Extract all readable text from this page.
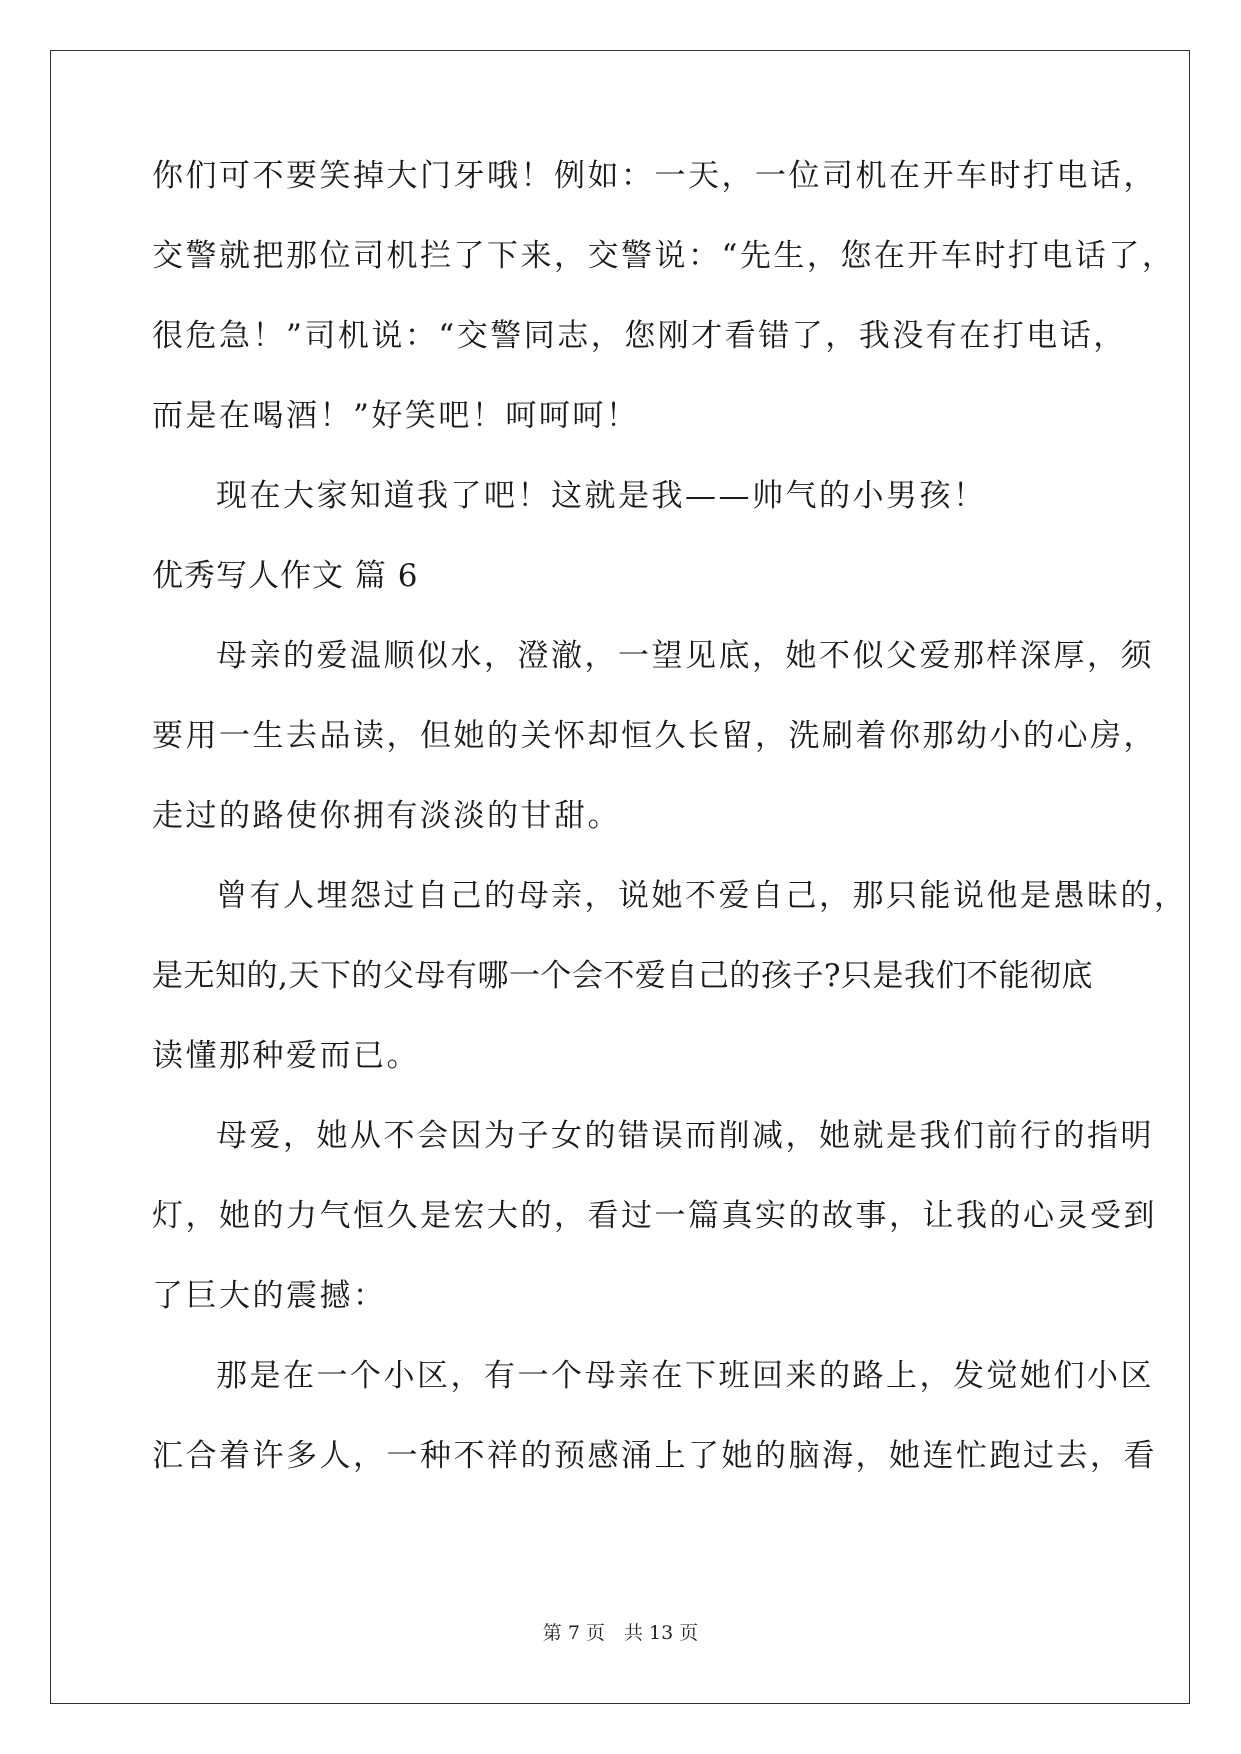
你们可不要笑掉大门牙哦！例如：一天，一位司机在开车时打电话，
交警就把那位司机拦了下来，交警说：“先生，您在开车时打电话了，
很危急！”司机说：“交警同志，您刚才看错了，我没有在打电话，
而是在喝酒！”好笑吧！呵呵呵！
现在大家知道我了吧！这就是我——帅气的小男孩！
优秀写人作文 篇 6
母亲的爱温顺似水，澄澈，一望见底，她不似父爱那样深厚，须
要用一生去品读，但她的关怀却恒久长留，洗刷着你那幼小的心房，
走过的路使你拥有淡淡的甘甜。
曾有人埋怨过自己的母亲，说她不爱自己，那只能说他是愚昧的，
是无知的,天下的父母有哪一个会不爱自己的孩子?只是我们不能彻底
读懂那种爱而已。
母爱，她从不会因为子女的错误而削减，她就是我们前行的指明
灯，她的力气恒久是宏大的，看过一篇真实的故事，让我的心灵受到
了巨大的震撼：
那是在一个小区，有一个母亲在下班回来的路上，发觉她们小区
汇合着许多人，一种不祥的预感涌上了她的脑海，她连忙跑过去，看
第 7 页　共 13 页
